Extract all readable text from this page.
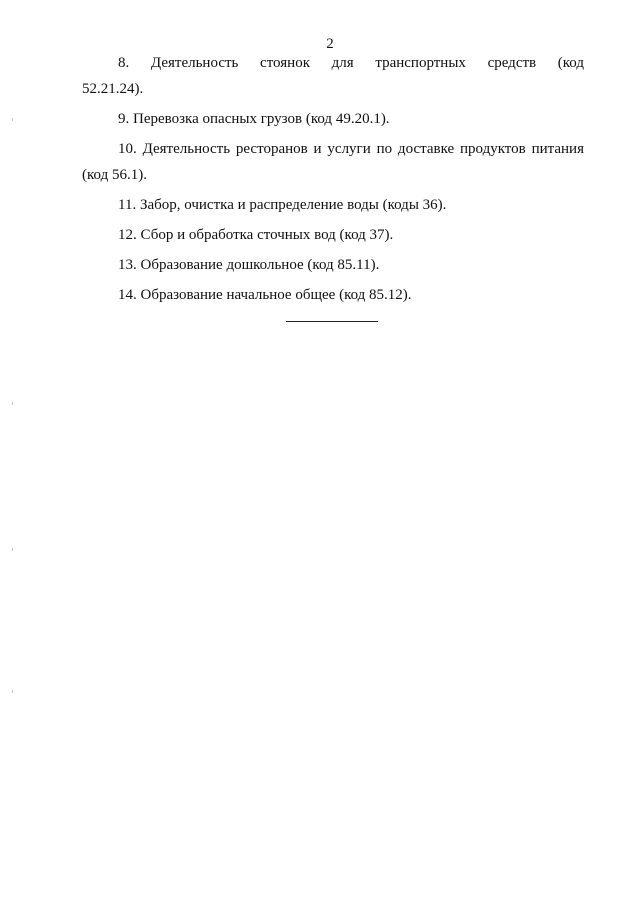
2

8. Деятельность стоянок для транспортных средств (код 52.21.24).

9. Перевозка опасных грузов (код 49.20.1).

10. Деятельность ресторанов и услуги по доставке продуктов питания (код 56.1).

11. Забор, очистка и распределение воды (коды 36).

12. Сбор и обработка сточных вод (код 37).

13. Образование дошкольное (код 85.11).

14. Образование начальное общее (код 85.12).
